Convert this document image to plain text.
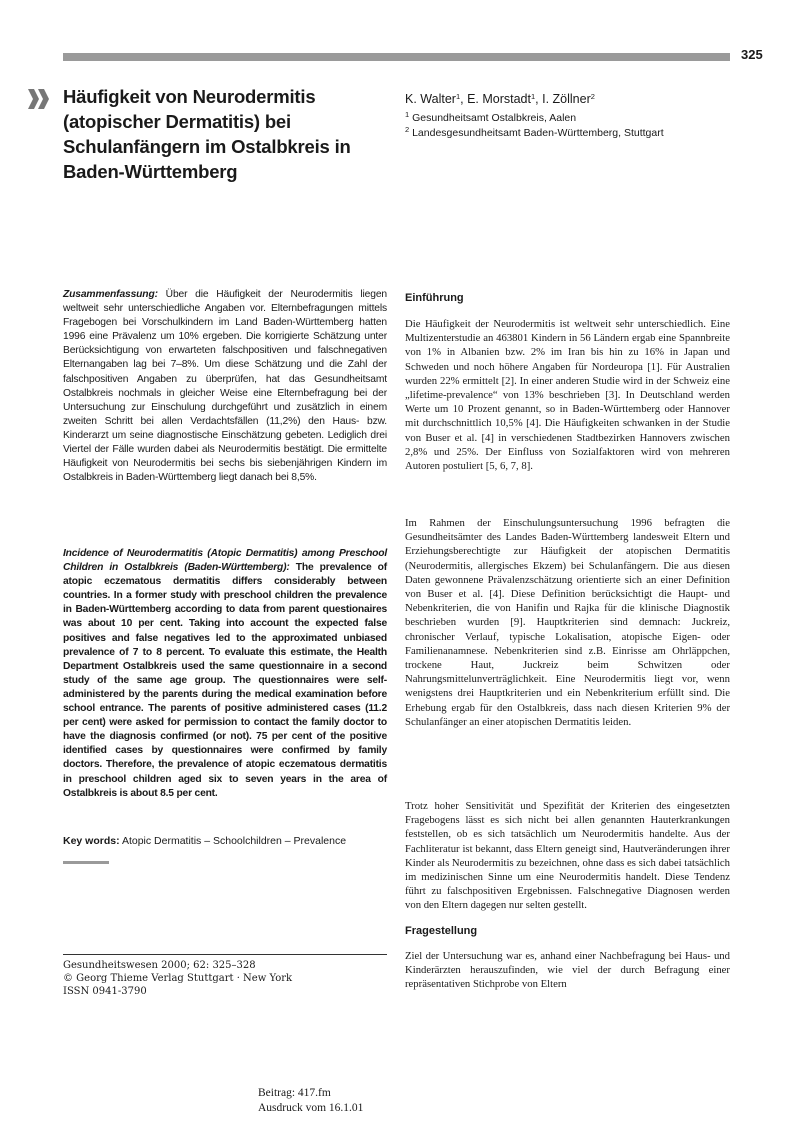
325
Häufigkeit von Neurodermitis (atopischer Dermatitis) bei Schulanfängern im Ostalbkreis in Baden-Württemberg
K. Walter$^1$, E. Morstadt$^1$, I. Zöllner$^2$
$^1$ Gesundheitsamt Ostalbkreis, Aalen
$^2$ Landesgesundheitsamt Baden-Württemberg, Stuttgart
Zusammenfassung: Über die Häufigkeit der Neurodermitis liegen weltweit sehr unterschiedliche Angaben vor. Elternbefragungen mittels Fragebogen bei Vorschulkindern im Land Baden-Württemberg hatten 1996 eine Prävalenz um 10% ergeben. Die korrigierte Schätzung unter Berücksichtigung von erwarteten falschpositiven und falschnegativen Elternangaben lag bei 7–8%. Um diese Schätzung und die Zahl der falschpositiven Angaben zu überprüfen, hat das Gesundheitsamt Ostalbkreis nochmals in gleicher Weise eine Elternbefragung bei der Untersuchung zur Einschulung durchgeführt und zusätzlich in einem zweiten Schritt bei allen Verdachtsfällen (11,2%) den Haus- bzw. Kinderarzt um seine diagnostische Einschätzung gebeten. Lediglich drei Viertel der Fälle wurden dabei als Neurodermitis bestätigt. Die ermittelte Häufigkeit von Neurodermitis bei sechs bis siebenjährigen Kindern im Ostalbkreis in Baden-Württemberg liegt danach bei 8,5%.
Incidence of Neurodermatitis (Atopic Dermatitis) among Preschool Children in Ostalbkreis (Baden-Württemberg): The prevalence of atopic eczematous dermatitis differs considerably between countries. In a former study with preschool children the prevalence in Baden-Württemberg according to data from parent questionaires was about 10 per cent. Taking into account the expected false positives and false negatives led to the approximated unbiased prevalence of 7 to 8 percent. To evaluate this estimate, the Health Department Ostalbkreis used the same questionnaire in a second study of the same age group. The questionnaires were self-administered by the parents during the medical examination before school entrance. The parents of positive administered cases (11.2 per cent) were asked for permission to contact the family doctor to have the diagnosis confirmed (or not). 75 per cent of the positive identified cases by questionnaires were confirmed by family doctors. Therefore, the prevalence of atopic eczematous dermatitis in preschool children aged six to seven years in the area of Ostalbkreis is about 8.5 per cent.
Key words: Atopic Dermatitis – Schoolchildren – Prevalence
Gesundheitswesen 2000; 62: 325–328
© Georg Thieme Verlag Stuttgart · New York
ISSN 0941-3790
Einführung

Die Häufigkeit der Neurodermitis ist weltweit sehr unterschiedlich. Eine Multizenterstudie an 463801 Kindern in 56 Ländern ergab eine Spannbreite von 1% in Albanien bzw. 2% im Iran bis hin zu 16% in Japan und Schweden und noch höhere Angaben für Nordeuropa [1]. Für Australien wurden 22% ermittelt [2]. In einer anderen Studie wird in der Schweiz eine „lifetime-prevalence“ von 13% beschrieben [3]. In Deutschland werden Werte um 10 Prozent genannt, so in Baden-Württemberg oder Hannover mit durchschnittlich 10,5% [4]. Die Häufigkeiten schwanken in der Studie von Buser et al. [4] in verschiedenen Stadtbezirken Hannovers zwischen 2,8% und 25%. Der Einfluss von Sozialfaktoren wird von mehreren Autoren postuliert [5, 6, 7, 8].

Im Rahmen der Einschulungsuntersuchung 1996 befragten die Gesundheitsämter des Landes Baden-Württemberg landesweit Eltern und Erziehungsberechtigte zur Häufigkeit der atopischen Dermatitis (Neurodermitis, allergisches Ekzem) bei Schulanfängern. Die aus diesen Daten gewonnene Prävalenzschätzung orientierte sich an einer Definition von Buser et al. [4]. Diese Definition berücksichtigt die Haupt- und Nebenkriterien, die von Hanifin und Rajka für die klinische Diagnostik beschrieben wurden [9]. Hauptkriterien sind demnach: Juckreiz, chronischer Verlauf, typische Lokalisation, atopische Eigen- oder Familienanamnese. Nebenkriterien sind z.B. Einrisse am Ohrläppchen, trockene Haut, Juckreiz beim Schwitzen oder Nahrungsmittelunverträglichkeit. Eine Neurodermitis liegt vor, wenn wenigstens drei Hauptkriterien und ein Nebenkriterium erfüllt sind. Die Erhebung ergab für den Ostalbkreis, dass nach diesen Kriterien 9% der Schulanfänger an einer atopischen Dermatitis leiden.

Trotz hoher Sensitivität und Spezifität der Kriterien des eingesetzten Fragebogens lässt es sich nicht bei allen genannten Hauterkrankungen feststellen, ob es sich tatsächlich um Neurodermitis handelte. Aus der Fachliteratur ist bekannt, dass Eltern geneigt sind, Hautveränderungen ihrer Kinder als Neurodermitis zu bezeichnen, ohne dass es sich dabei tatsächlich im medizinischen Sinne um eine Neurodermitis handelt. Diese Tendenz führt zu falschpositiven Ergebnissen. Falschnegative Diagnosen werden von den Eltern dagegen nur selten gestellt.

Fragestellung

Ziel der Untersuchung war es, anhand einer Nachbefragung bei Haus- und Kinderärzten herauszufinden, wie viel der durch Befragung einer repräsentativen Stichprobe von Eltern

Beitrag: 417.fm
Ausdruck vom 16.1.01
